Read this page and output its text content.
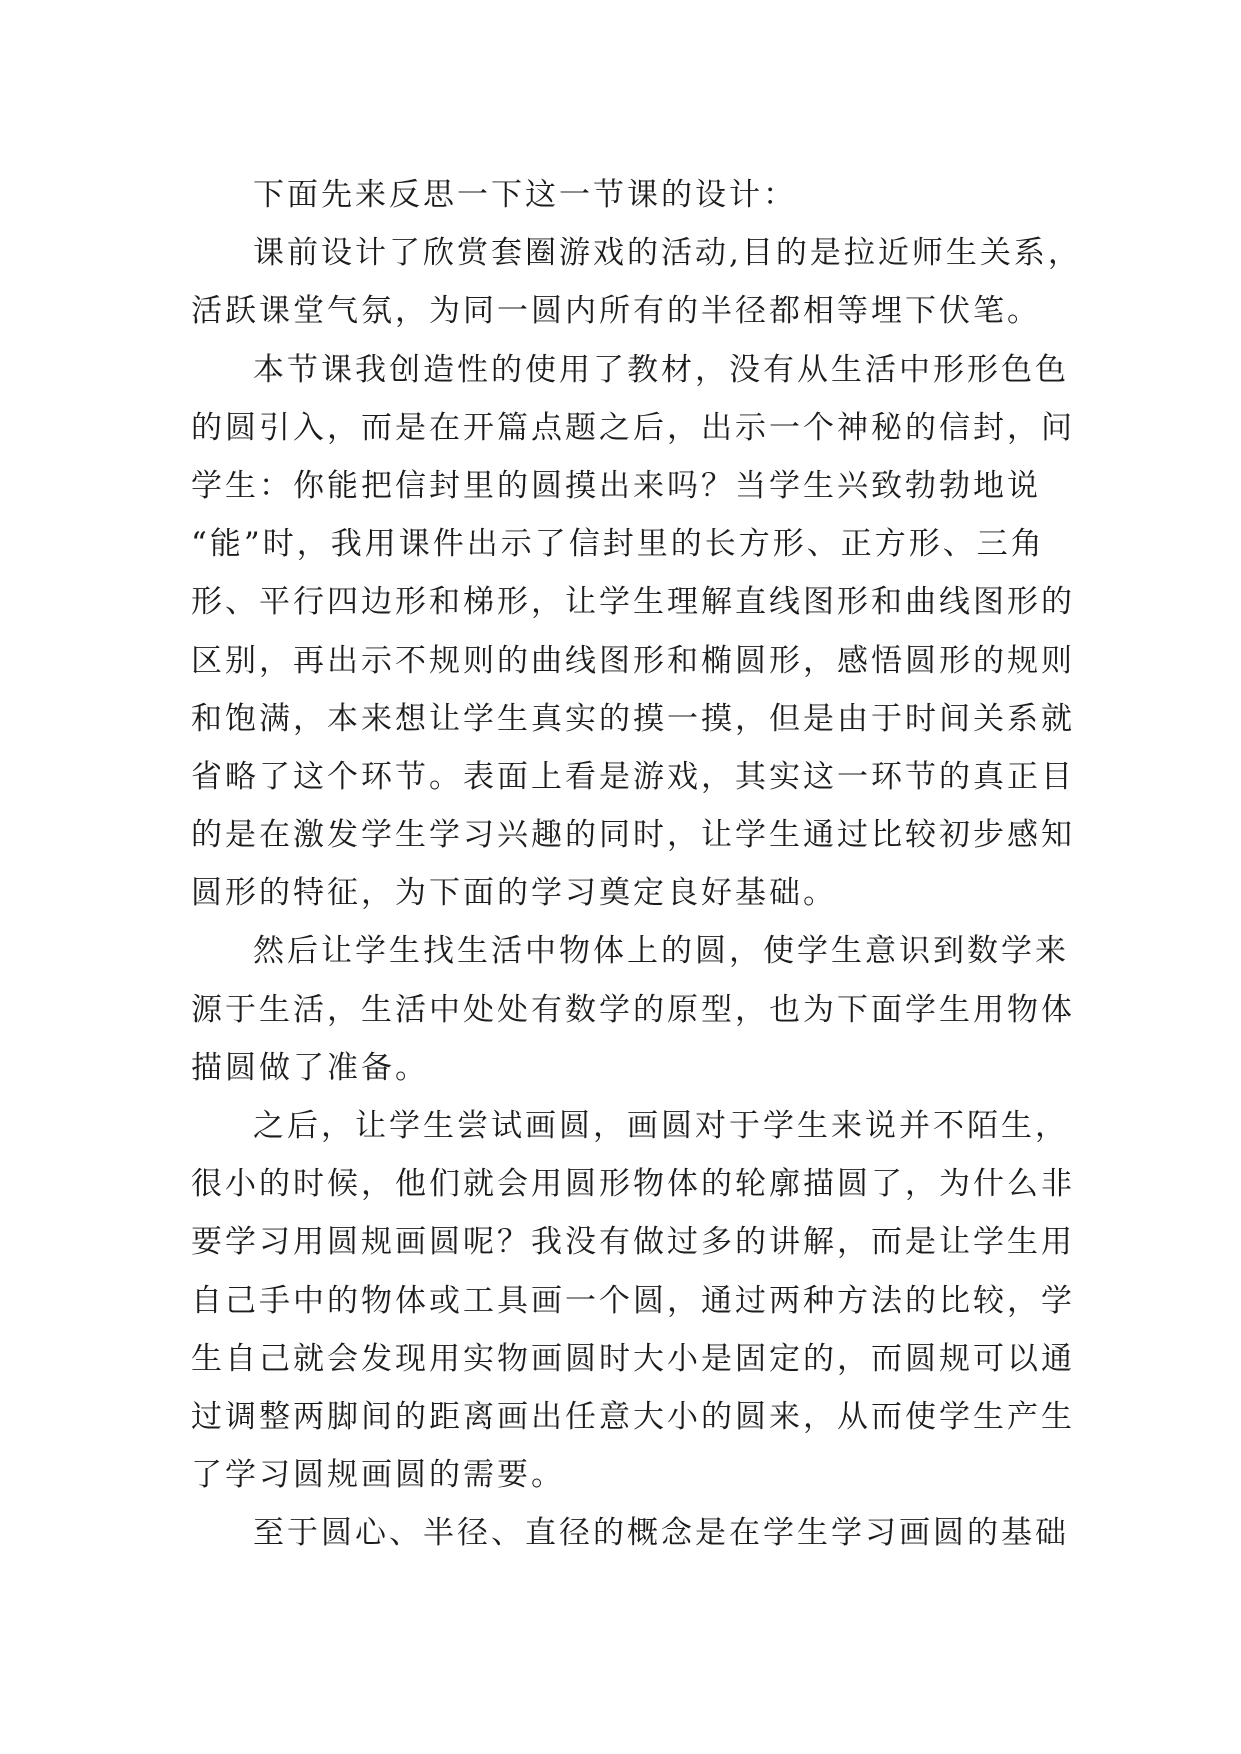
下面先来反思一下这一节课的设计：
课前设计了欣赏套圈游戏的活动,目的是拉近师生关系，
活跃课堂气氛，为同一圆内所有的半径都相等埋下伏笔。
本节课我创造性的使用了教材，没有从生活中形形色色
的圆引入，而是在开篇点题之后，出示一个神秘的信封，问
学生：你能把信封里的圆摸出来吗？当学生兴致勃勃地说
“能”时，我用课件出示了信封里的长方形、正方形、三角
形、平行四边形和梯形，让学生理解直线图形和曲线图形的
区别，再出示不规则的曲线图形和椭圆形，感悟圆形的规则
和饱满，本来想让学生真实的摸一摸，但是由于时间关系就
省略了这个环节。表面上看是游戏，其实这一环节的真正目
的是在激发学生学习兴趣的同时，让学生通过比较初步感知
圆形的特征，为下面的学习奠定良好基础。
然后让学生找生活中物体上的圆，使学生意识到数学来
源于生活，生活中处处有数学的原型，也为下面学生用物体
描圆做了准备。
之后，让学生尝试画圆，画圆对于学生来说并不陌生，
很小的时候，他们就会用圆形物体的轮廓描圆了，为什么非
要学习用圆规画圆呢？我没有做过多的讲解，而是让学生用
自己手中的物体或工具画一个圆，通过两种方法的比较，学
生自己就会发现用实物画圆时大小是固定的，而圆规可以通
过调整两脚间的距离画出任意大小的圆来，从而使学生产生
了学习圆规画圆的需要。
至于圆心、半径、直径的概念是在学生学习画圆的基础
